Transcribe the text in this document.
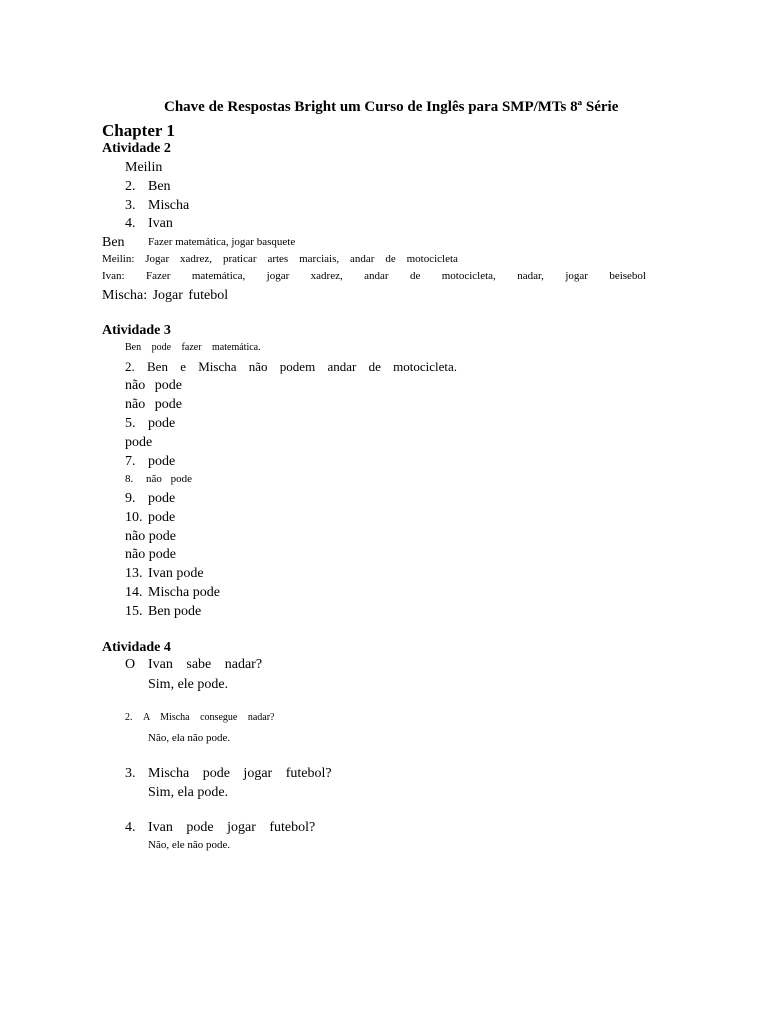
Chave de Respostas Bright um Curso de Inglês para SMP/MTs 8ª Série
Chapter 1
Atividade 2
Meilin
2. Ben
3. Mischa
4. Ivan
Ben Fazer matemática, jogar basquete
Meilin: Jogar xadrez, praticar artes marciais, andar de motocicleta
Ivan: Fazer matemática, jogar xadrez, andar de motocicleta, nadar, jogar beisebol
Mischa: Jogar futebol
Atividade 3
Ben pode fazer matemática.
2. Ben e Mischa não podem andar de motocicleta.
não pode
não pode
5. pode
pode
7. pode
8. não pode
9. pode
10. pode
não pode
não pode
13. Ivan pode
14. Mischa pode
15. Ben pode
Atividade 4
O Ivan sabe nadar?
Sim, ele pode.
2. A Mischa consegue nadar?
Não, ela não pode.
3. Mischa pode jogar futebol?
Sim, ela pode.
4. Ivan pode jogar futebol?
Não, ele não pode.
